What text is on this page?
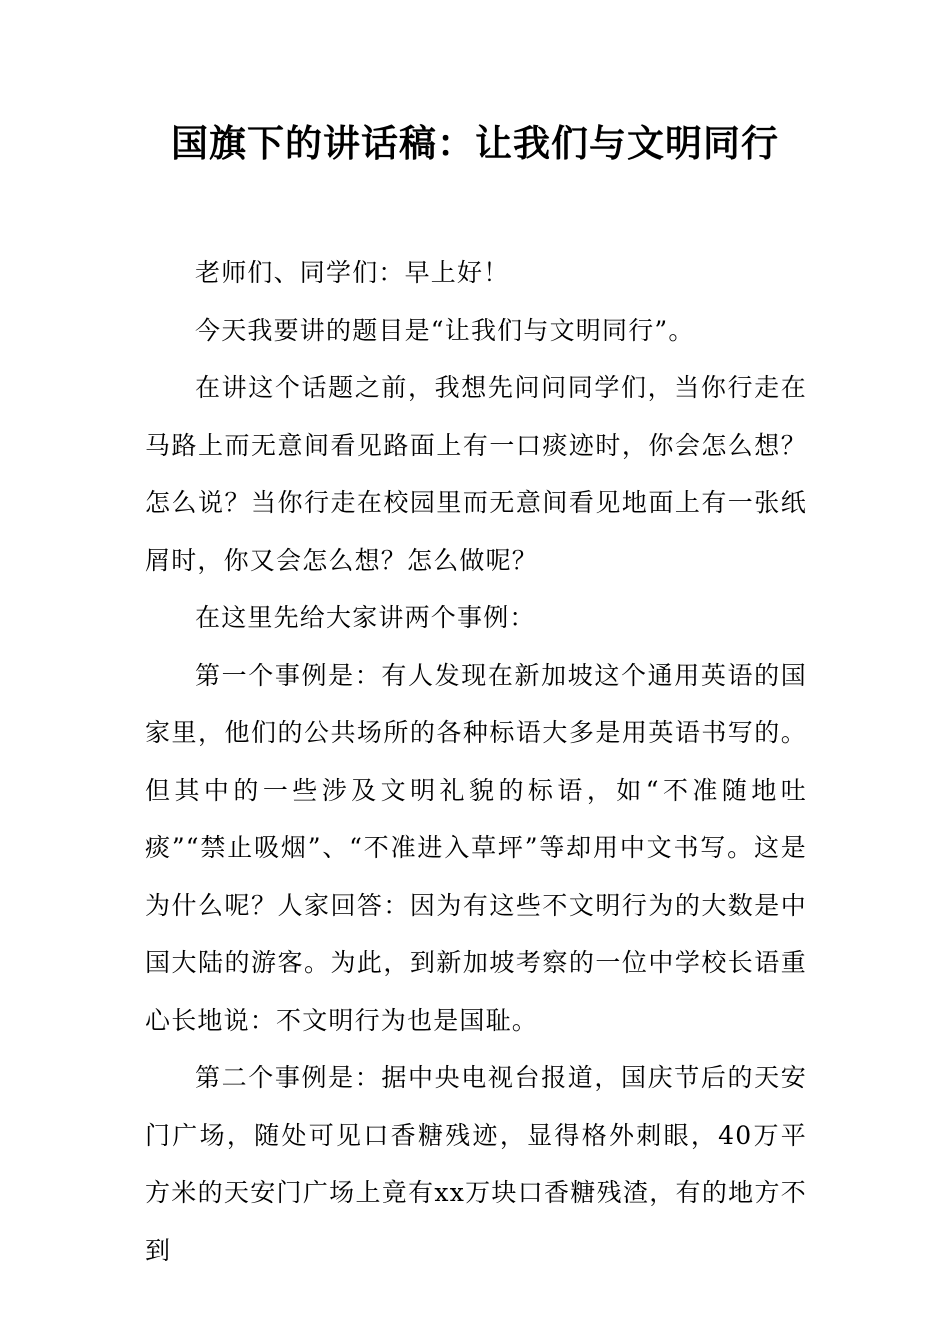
国旗下的讲话稿：让我们与文明同行

老师们、同学们：早上好！

今天我要讲的题目是“让我们与文明同行”。

在讲这个话题之前，我想先问问同学们，当你行走在马路上而无意间看见路面上有一口痰迹时，你会怎么想？怎么说？当你行走在校园里而无意间看见地面上有一张纸屑时，你又会怎么想？怎么做呢？

在这里先给大家讲两个事例：

第一个事例是：有人发现在新加坡这个通用英语的国家里，他们的公共场所的各种标语大多是用英语书写的。但其中的一些涉及文明礼貌的标语，如“不准随地吐痰”“禁止吸烟”、“不准进入草坪”等却用中文书写。这是为什么呢？人家回答：因为有这些不文明行为的大数是中国大陆的游客。为此，到新加坡考察的一位中学校长语重心长地说：不文明行为也是国耻。

第二个事例是：据中央电视台报道，国庆节后的天安门广场，随处可见口香糖残迹，显得格外刺眼，40万平方米的天安门广场上竟有xx万块口香糖残渣，有的地方不到
